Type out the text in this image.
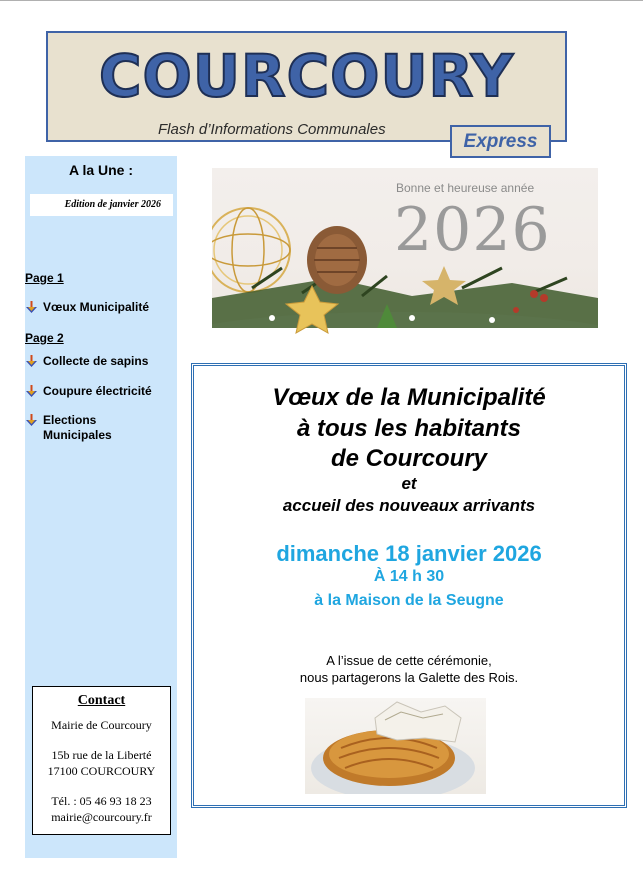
COURCOURY
Flash d’Informations Communales
Express
A la Une :
Edition de janvier 2026
Page 1
Vœux Municipalité
Page 2
Collecte de sapins
Coupure électricité
Elections Municipales
Contact
Mairie de Courcoury
15b rue de la Liberté
17100 COURCOURY
Tél. : 05 46 93 18 23
mairie@courcoury.fr
Bonne et heureuse année
2026
Vœux de la Municipalité
à tous les habitants
de Courcoury
et
accueil des nouveaux arrivants
dimanche 18 janvier 2026
À 14 h 30
à la Maison de la Seugne
A l’issue de cette cérémonie,
nous partagerons la Galette des Rois.
